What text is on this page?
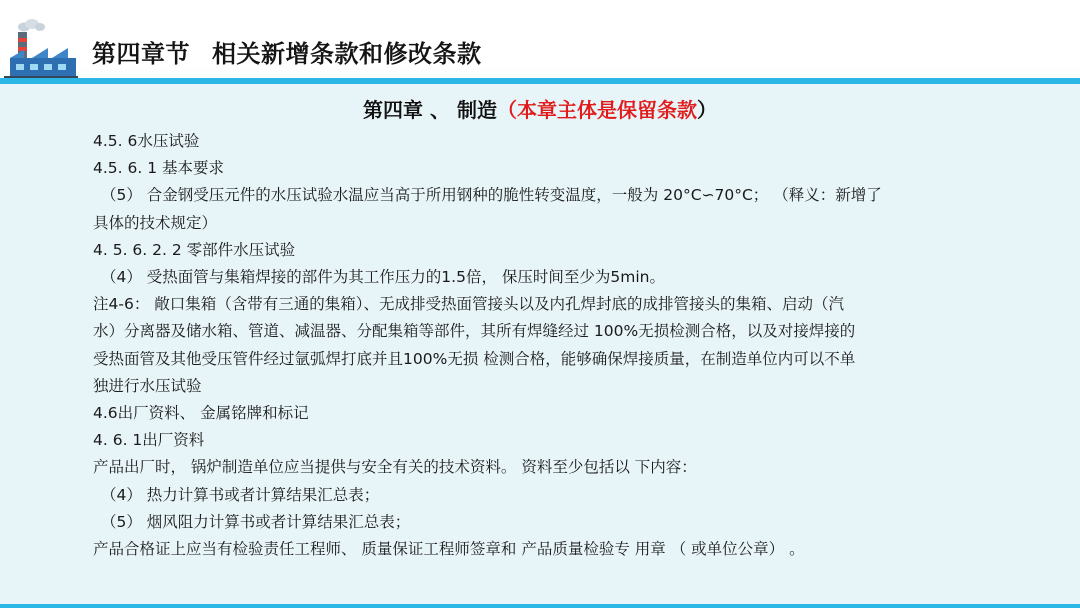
第四章节 相关新增条款和修改条款
第四章 、 制造（本章主体是保留条款）
4.5. 6水压试验
4.5. 6. 1 基本要求
（5） 合金钢受压元件的水压试验水温应当高于所用钢种的脆性转变温度，一般为 20°C∽70°C； （释义：新增了
具体的技术规定）
4. 5. 6. 2. 2 零部件水压试验
（4） 受热面管与集箱焊接的部件为其工作压力的1.5倍， 保压时间至少为5min。
注4-6： 敞口集箱（含带有三通的集箱）、无成排受热面管接头以及内孔焊封底的成排管接头的集箱、启动（汽
水）分离器及储水箱、管道、减温器、分配集箱等部件，其所有焊缝经过 100%无损检测合格，以及对接焊接的
受热面管及其他受压管件经过氩弧焊打底并且100%无损 检测合格，能够确保焊接质量，在制造单位内可以不单
独进行水压试验
4.6出厂资料、 金属铭牌和标记
4. 6. 1出厂资料
产品出厂时， 锅炉制造单位应当提供与安全有关的技术资料。 资料至少包括以 下内容：
（4） 热力计算书或者计算结果汇总表；
（5） 烟风阻力计算书或者计算结果汇总表；
产品合格证上应当有检验责任工程师、 质量保证工程师签章和 产品质量检验专 用章 （ 或单位公章） 。
